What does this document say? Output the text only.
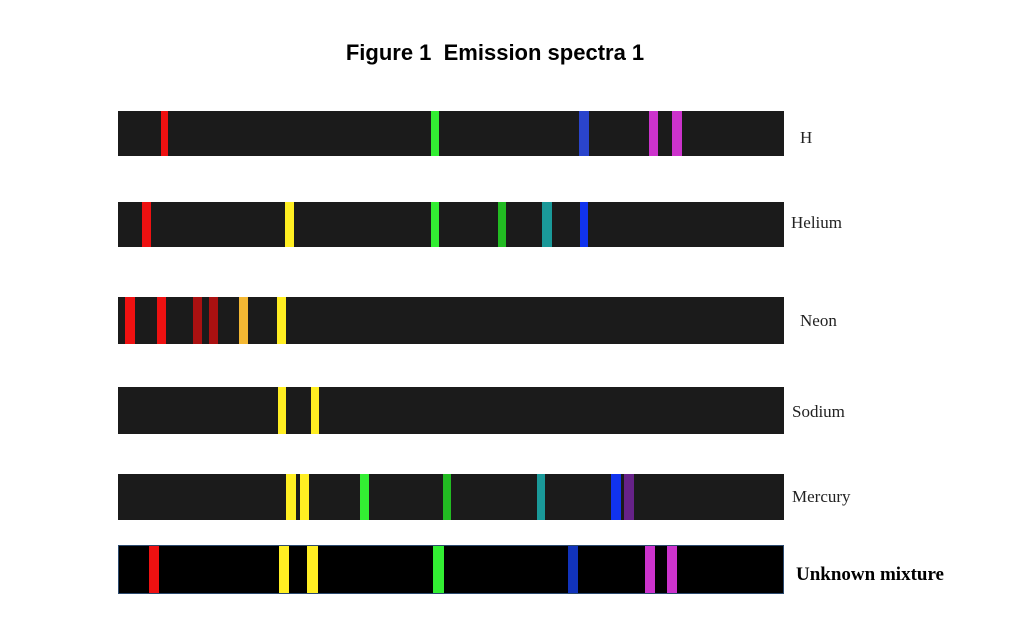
Figure 1  Emission spectra 1
H
Helium
Neon
Sodium
Mercury
Unknown mixture
